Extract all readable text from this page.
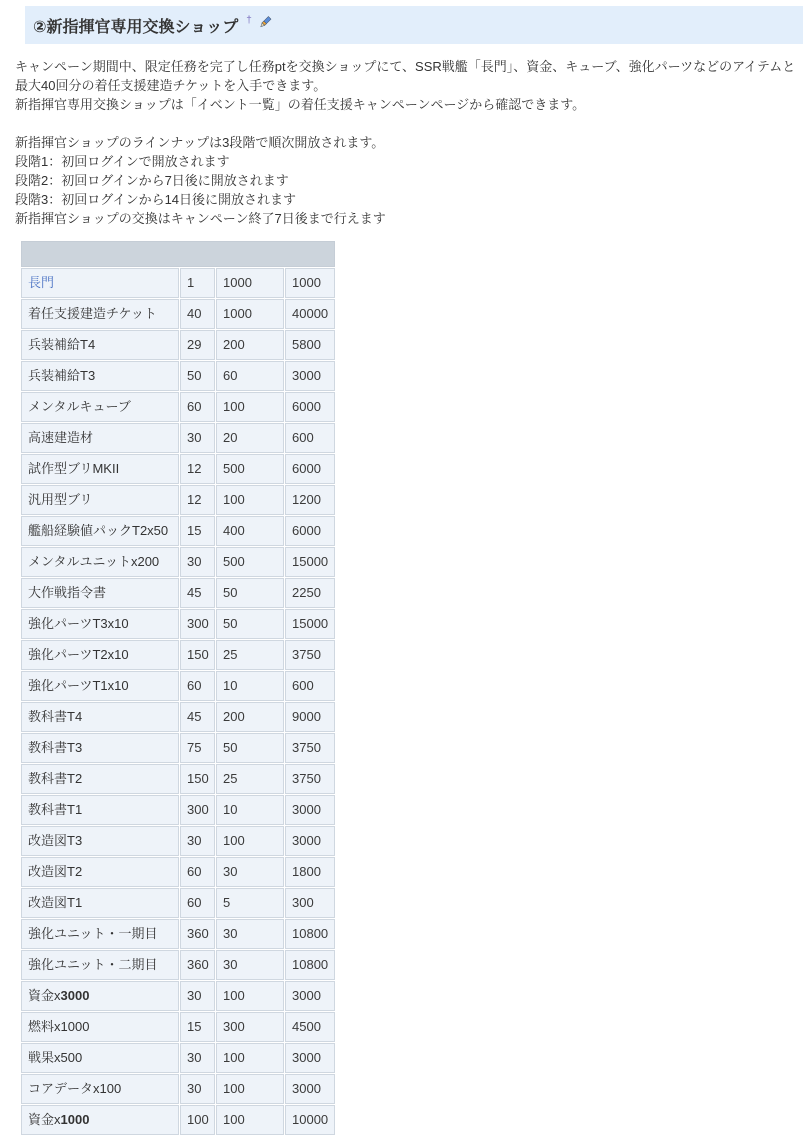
②新指揮官専用交換ショップ †
キャンペーン期間中、限定任務を完了し任務ptを交換ショップにて、SSR戦艦「長門」、資金、キューブ、強化パーツなどのアイテムと
最大40回分の着任支援建造チケットを入手できます。
新指揮官専用交換ショップは「イベント一覧」の着任支援キャンペーンページから確認できます。
新指揮官ショップのラインナップは3段階で順次開放されます。
段階1：初回ログインで開放されます
段階2：初回ログインから7日後に開放されます
段階3：初回ログインから14日後に開放されます
新指揮官ショップの交換はキャンペーン終了7日後まで行えます

長門	1	1000	1000
着任支援建造チケット	40	1000	40000
兵装補給T4	29	200	5800
兵装補給T3	50	60	3000
メンタルキューブ	60	100	6000
高速建造材	30	20	600
試作型ブリMKII	12	500	6000
汎用型ブリ	12	100	1200
艦船経験値パックT2x50	15	400	6000
メンタルユニットx200	30	500	15000
大作戦指令書	45	50	2250
強化パーツT3x10	300	50	15000
強化パーツT2x10	150	25	3750
強化パーツT1x10	60	10	600
教科書T4	45	200	9000
教科書T3	75	50	3750
教科書T2	150	25	3750
教科書T1	300	10	3000
改造図T3	30	100	3000
改造図T2	60	30	1800
改造図T1	60	5	300
強化ユニット・一期目	360	30	10800
強化ユニット・二期目	360	30	10800
資金x3000	30	100	3000
燃料x1000	15	300	4500
戦果x500	30	100	3000
コアデータx100	30	100	3000
資金x1000	100	100	10000
